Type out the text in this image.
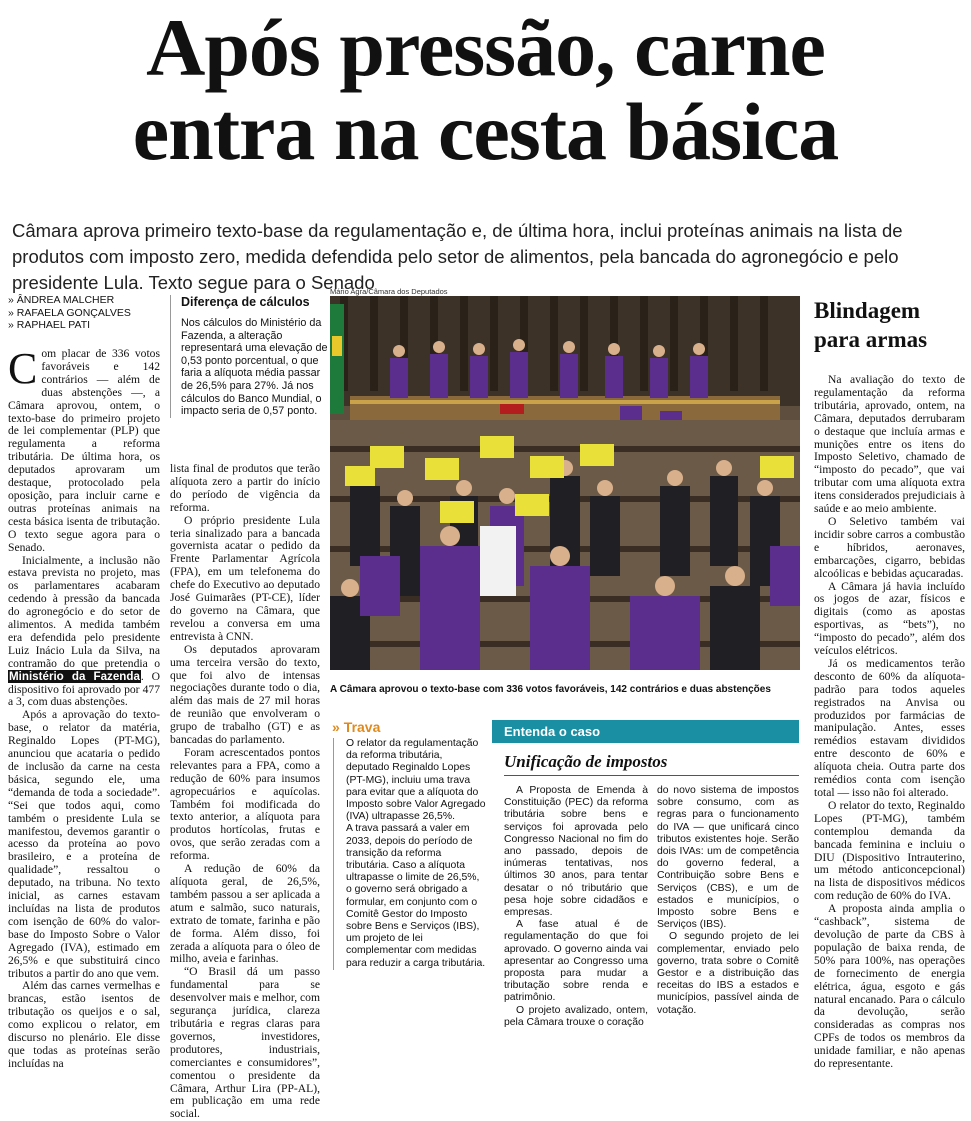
Após pressão, carne
entra na cesta básica
Câmara aprova primeiro texto-base da regulamentação e, de última hora, inclui proteínas animais na lista de produtos com imposto zero, medida defendida pelo setor de alimentos, pela bancada do agronegócio e pelo presidente Lula. Texto segue para o Senado
» ÂNDREA MALCHER
» RAFAELA GONÇALVES
» RAPHAEL PATI

Com placar de 336 votos favoráveis e 142 contrários — além de duas abstenções —, a Câmara aprovou, ontem, o texto-base do primeiro projeto de lei complementar (PLP) que regulamenta a reforma tributária. De última hora, os deputados aprovaram um destaque, protocolado pela oposição, para incluir carne e outras proteínas animais na cesta básica isenta de tributação. O texto segue agora para o Senado.

Inicialmente, a inclusão não estava prevista no projeto, mas os parlamentares acabaram cedendo à pressão da bancada do agronegócio e do setor de alimentos. A medida também era defendida pelo presidente Luiz Inácio Lula da Silva, na contramão do que pretendia o Ministério da Fazenda. O dispositivo foi aprovado por 477 a 3, com duas abstenções.

Após a aprovação do texto-base, o relator da matéria, Reginaldo Lopes (PT-MG), anunciou que acataria o pedido de inclusão da carne na cesta básica, segundo ele, uma “demanda de toda a sociedade”. “Sei que todos aqui, como também o presidente Lula se manifestou, devemos garantir o acesso da proteína ao povo brasileiro, e a proteína de qualidade”, ressaltou o deputado, na tribuna. No texto inicial, as carnes estavam incluídas na lista de produtos com isenção de 60% do valor-base do Imposto Sobre o Valor Agregado (IVA), estimado em 26,5% e que substituirá cinco tributos a partir do ano que vem.

Além das carnes vermelhas e brancas, estão isentos de tributação os queijos e o sal, como explicou o relator, em discurso no plenário. Ele disse que todas as proteínas serão incluídas na

Diferença de cálculos

Nos cálculos do Ministério da Fazenda, a alteração representará uma elevação de 0,53 ponto porcentual, o que faria a alíquota média passar de 26,5% para 27%. Já nos cálculos do Banco Mundial, o impacto seria de 0,57 ponto.

lista final de produtos que terão alíquota zero a partir do início do período de vigência da reforma.

O próprio presidente Lula teria sinalizado para a bancada governista acatar o pedido da Frente Parlamentar Agrícola (FPA), em um telefonema do chefe do Executivo ao deputado José Guimarães (PT-CE), líder do governo na Câmara, que revelou a conversa em uma entrevista à CNN.

Os deputados aprovaram uma terceira versão do texto, que foi alvo de intensas negociações durante todo o dia, além das mais de 27 mil horas de reunião que envolveram o grupo de trabalho (GT) e as bancadas do parlamento.

Foram acrescentados pontos relevantes para a FPA, como a redução de 60% para insumos agropecuários e aquícolas. Também foi modificada do texto anterior, a alíquota para produtos hortícolas, frutas e ovos, que serão zeradas com a reforma.

A redução de 60% da alíquota geral, de 26,5%, também passou a ser aplicada a atum e salmão, suco naturais, extrato de tomate, farinha e pão de forma. Além disso, foi zerada a alíquota para o óleo de milho, aveia e farinhas.

“O Brasil dá um passo fundamental para se desenvolver mais e melhor, com segurança jurídica, clareza tributária e regras claras para governos, investidores, produtores, industriais, comerciantes e consumidores”, comentou o presidente da Câmara, Arthur Lira (PP-AL), em publicação em uma rede social.

Mário Agra/Câmara dos Deputados
A Câmara aprovou o texto-base com 336 votos favoráveis, 142 contrários e duas abstenções
» Trava

O relator da regulamentação da reforma tributária, deputado Reginaldo Lopes (PT-MG), incluiu uma trava para evitar que a alíquota do Imposto sobre Valor Agregado (IVA) ultrapasse 26,5%.

A trava passará a valer em 2033, depois do período de transição da reforma tributária. Caso a alíquota ultrapasse o limite de 26,5%, o governo será obrigado a formular, em conjunto com o Comitê Gestor do Imposto sobre Bens e Serviços (IBS), um projeto de lei complementar com medidas para reduzir a carga tributária.

Entenda o caso
Unificação de impostos

A Proposta de Emenda à Constituição (PEC) da reforma tributária sobre bens e serviços foi aprovada pelo Congresso Nacional no fim do ano passado, depois de inúmeras tentativas, nos últimos 30 anos, para tentar desatar o nó tributário que pesa hoje sobre cidadãos e empresas.

A fase atual é de regulamentação do que foi aprovado. O governo ainda vai apresentar ao Congresso uma proposta para mudar a tributação sobre renda e patrimônio.

O projeto avalizado, ontem, pela Câmara trouxe o coração

do novo sistema de impostos sobre consumo, com as regras para o funcionamento do IVA — que unificará cinco tributos existentes hoje. Serão dois IVAs: um de competência do governo federal, a Contribuição sobre Bens e Serviços (CBS), e um de estados e municípios, o Imposto sobre Bens e Serviços (IBS).

O segundo projeto de lei complementar, enviado pelo governo, trata sobre o Comitê Gestor e a distribuição das receitas do IBS a estados e municípios, passível ainda de votação.

Blindagem para armas

Na avaliação do texto de regulamentação da reforma tributária, aprovado, ontem, na Câmara, deputados derrubaram o destaque que incluía armas e munições entre os itens do Imposto Seletivo, chamado de “imposto do pecado”, que vai tributar com uma alíquota extra itens considerados prejudiciais à saúde e ao meio ambiente.

O Seletivo também vai incidir sobre carros a combustão e híbridos, aeronaves, embarcações, cigarro, bebidas alcoólicas e bebidas açucaradas.

A Câmara já havia incluído os jogos de azar, físicos e digitais (como as apostas esportivas, as “bets”), no “imposto do pecado”, além dos veículos elétricos.

Já os medicamentos terão desconto de 60% da alíquota-padrão para todos aqueles registrados na Anvisa ou produzidos por farmácias de manipulação. Antes, esses remédios estavam divididos entre desconto de 60% e alíquota cheia. Outra parte dos remédios conta com isenção total — isso não foi alterado.

O relator do texto, Reginaldo Lopes (PT-MG), também contemplou demanda da bancada feminina e incluiu o DIU (Dispositivo Intrauterino, um método anticoncepcional) na lista de dispositivos médicos com redução de 60% do IVA.

A proposta ainda amplia o “cashback”, sistema de devolução de parte da CBS à população de baixa renda, de 50% para 100%, nas operações de fornecimento de energia elétrica, água, esgoto e gás natural encanado. Para o cálculo da devolução, serão consideradas as compras nos CPFs de todos os membros da unidade familiar, e não apenas do representante.
